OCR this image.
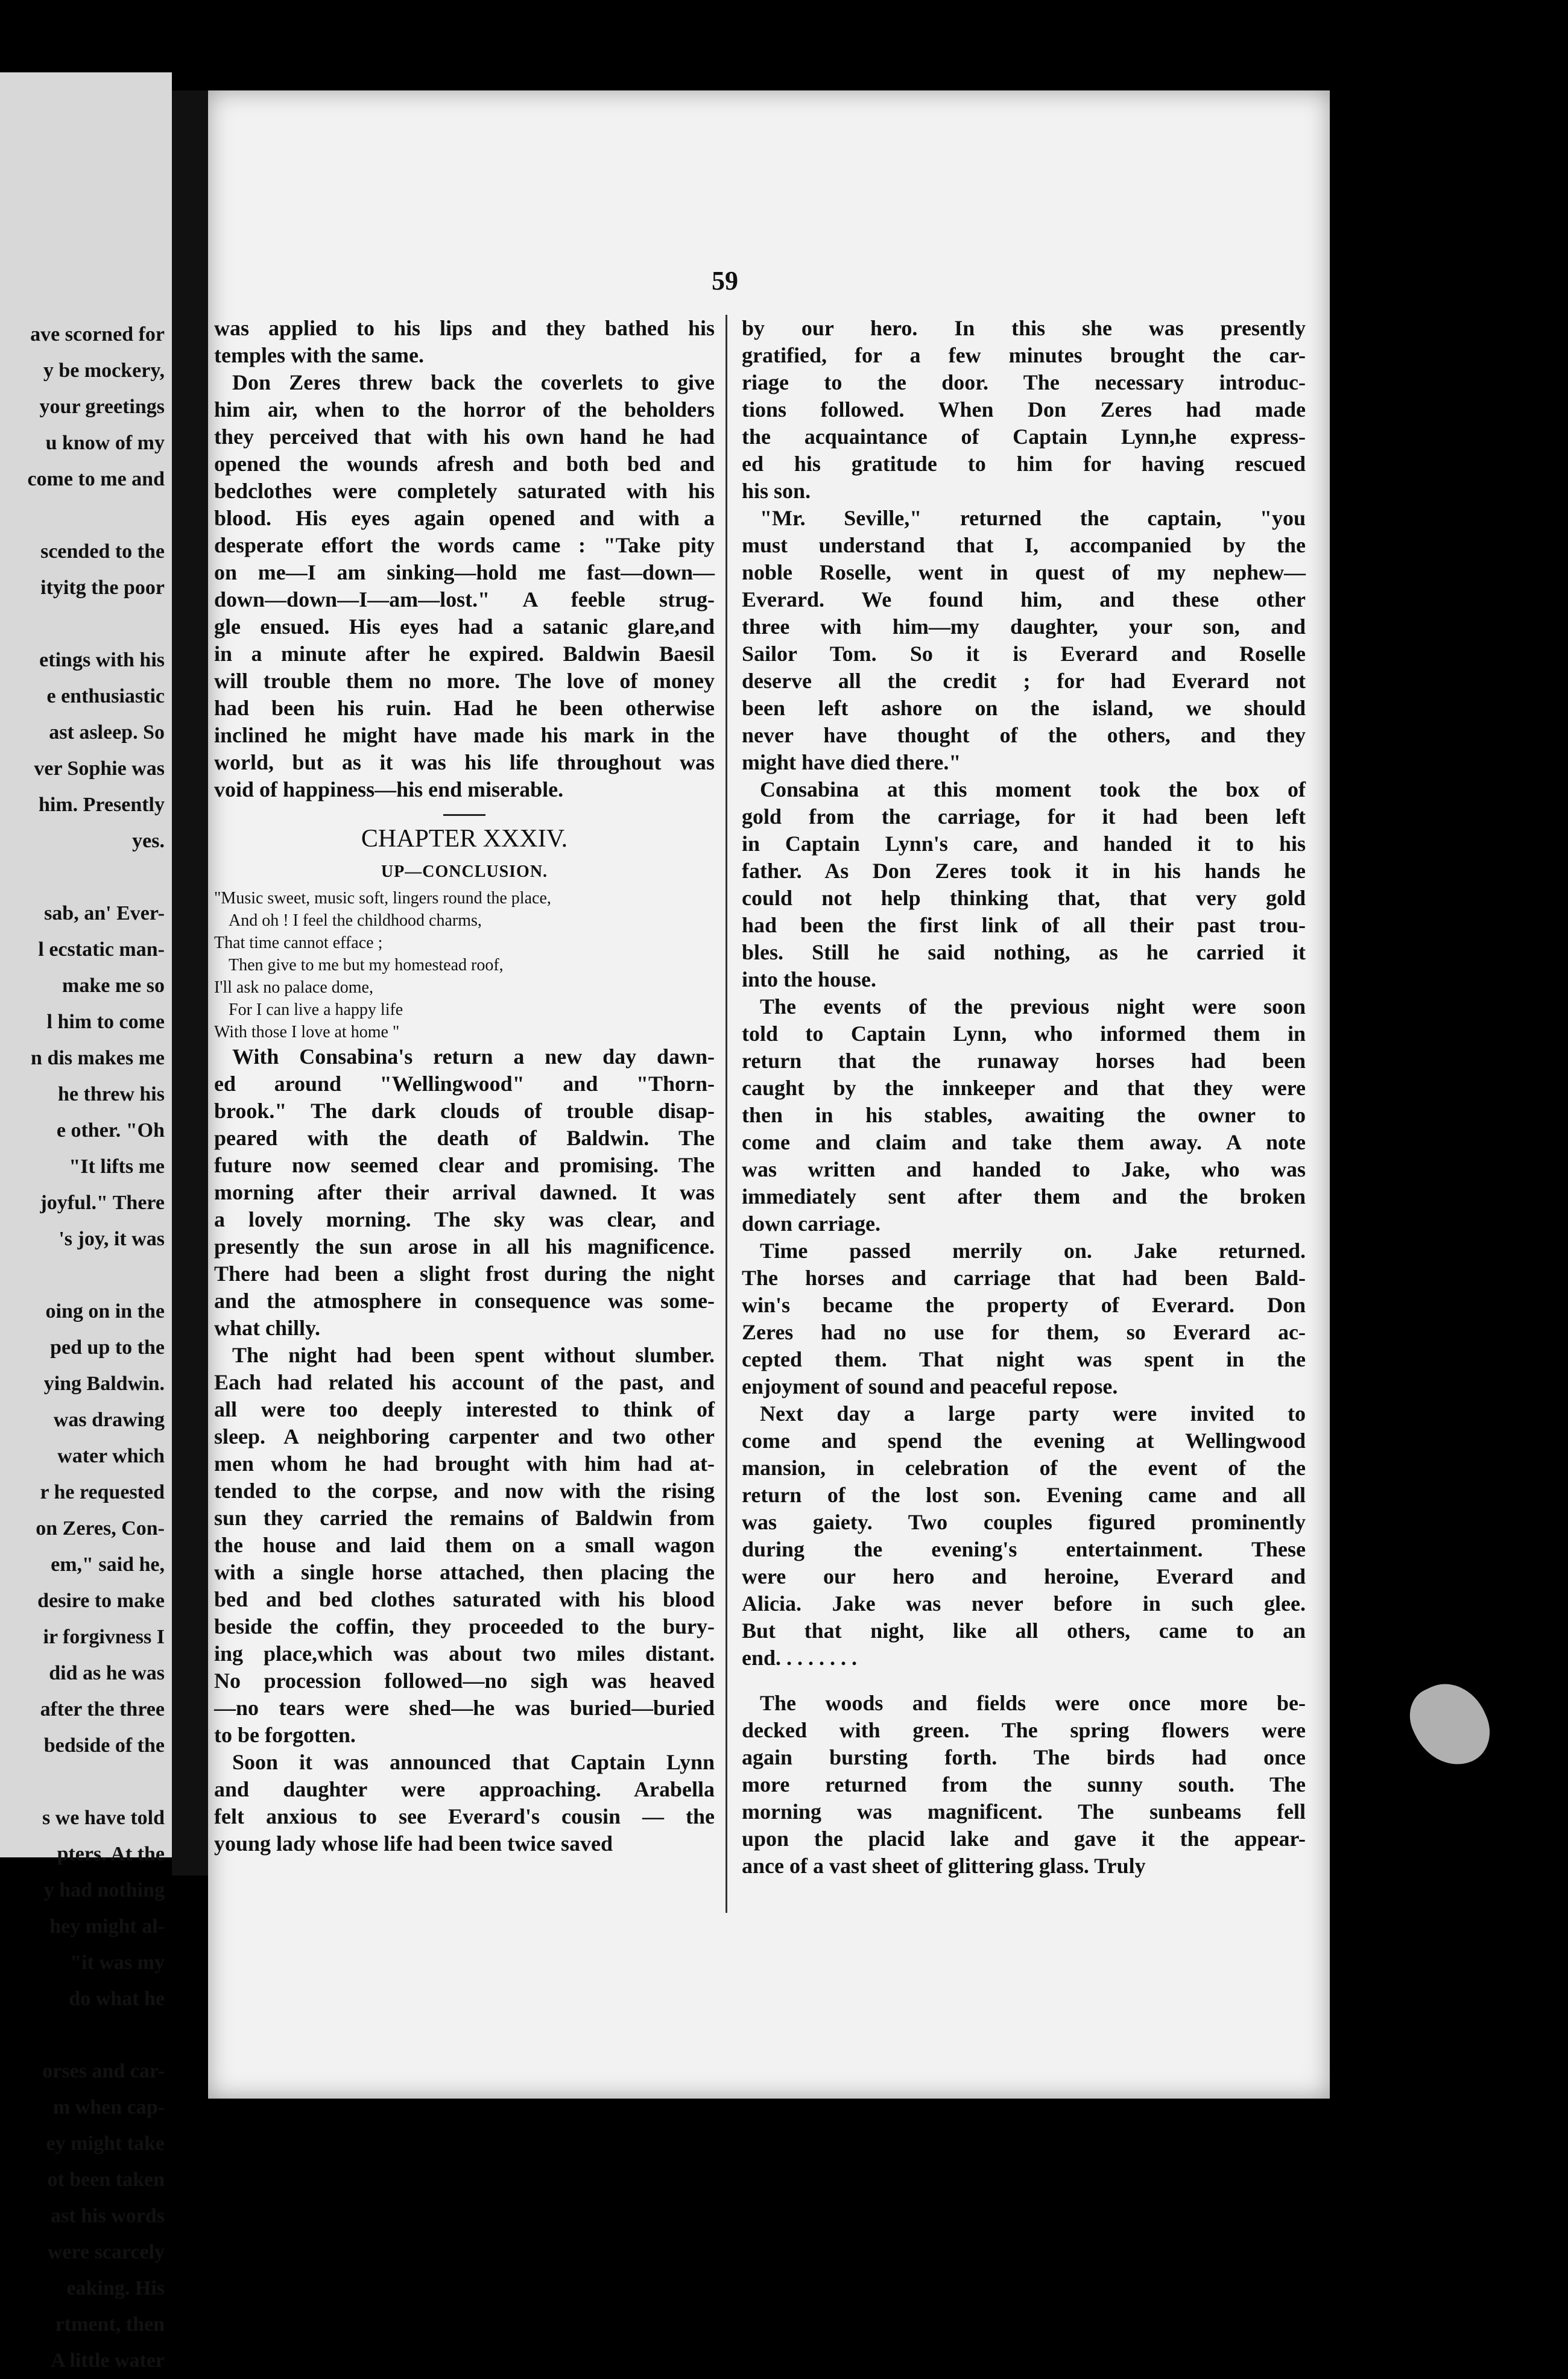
ave scorned for
y be mockery,
your greetings
u know of my
come to me and
scended to the
ityitg the poor
etings with his
e enthusiastic
ast asleep. So
ver Sophie was
him. Presently
yes.
sab, an' Ever-
l ecstatic man-
make me so
l him to come
n dis makes me
he threw his
e other. "Oh
"It lifts me
joyful." There
's joy, it was
oing on in the
ped up to the
ying Baldwin.
was drawing
water which
r he requested
on Zeres, Con-
em," said he,
desire to make
ir forgivness I
did as he was
after the three
bedside of the
s we have told
pters. At the
y had nothing
hey might al-
"it was my
do what he
orses and car-
m when cap-
ey might take
ot been taken
ast his words
were scarcely
eaking. His
rtment, then
A little water
59
was applied to his lips and they bathed his
temples with the same.
Don Zeres threw back the coverlets to give
him air, when to the horror of the beholders
they perceived that with his own hand he had
opened the wounds afresh and both bed and
bedclothes were completely saturated with his
blood. His eyes again opened and with a
desperate effort the words came : "Take pity
on me—I am sinking—hold me fast—down—
down—down—I—am—lost." A feeble strug-
gle ensued. His eyes had a satanic glare,and
in a minute after he expired. Baldwin Baesil
will trouble them no more. The love of money
had been his ruin. Had he been otherwise
inclined he might have made his mark in the
world, but as it was his life throughout was
void of happiness—his end miserable.
CHAPTER XXXIV.
UP—CONCLUSION.
"Music sweet, music soft, lingers round the place,
And oh ! I feel the childhood charms,
That time cannot efface ;
Then give to me but my homestead roof,
I'll ask no palace dome,
For I can live a happy life
With those I love at home "
With Consabina's return a new day dawn-
ed around "Wellingwood" and "Thorn-
brook." The dark clouds of trouble disap-
peared with the death of Baldwin. The
future now seemed clear and promising. The
morning after their arrival dawned. It was
a lovely morning. The sky was clear, and
presently the sun arose in all his magnificence.
There had been a slight frost during the night
and the atmosphere in consequence was some-
what chilly.
The night had been spent without slumber.
Each had related his account of the past, and
all were too deeply interested to think of
sleep. A neighboring carpenter and two other
men whom he had brought with him had at-
tended to the corpse, and now with the rising
sun they carried the remains of Baldwin from
the house and laid them on a small wagon
with a single horse attached, then placing the
bed and bed clothes saturated with his blood
beside the coffin, they proceeded to the bury-
ing place,which was about two miles distant.
No procession followed—no sigh was heaved
—no tears were shed—he was buried—buried
to be forgotten.
Soon it was announced that Captain Lynn
and daughter were approaching. Arabella
felt anxious to see Everard's cousin — the
young lady whose life had been twice saved
by our hero. In this she was presently
gratified, for a few minutes brought the car-
riage to the door. The necessary introduc-
tions followed. When Don Zeres had made
the acquaintance of Captain Lynn,he express-
ed his gratitude to him for having rescued
his son.
"Mr. Seville," returned the captain, "you
must understand that I, accompanied by the
noble Roselle, went in quest of my nephew—
Everard. We found him, and these other
three with him—my daughter, your son, and
Sailor Tom. So it is Everard and Roselle
deserve all the credit ; for had Everard not
been left ashore on the island, we should
never have thought of the others, and they
might have died there."
Consabina at this moment took the box of
gold from the carriage, for it had been left
in Captain Lynn's care, and handed it to his
father. As Don Zeres took it in his hands he
could not help thinking that, that very gold
had been the first link of all their past trou-
bles. Still he said nothing, as he carried it
into the house.
The events of the previous night were soon
told to Captain Lynn, who informed them in
return that the runaway horses had been
caught by the innkeeper and that they were
then in his stables, awaiting the owner to
come and claim and take them away. A note
was written and handed to Jake, who was
immediately sent after them and the broken
down carriage.
Time passed merrily on. Jake returned.
The horses and carriage that had been Bald-
win's became the property of Everard. Don
Zeres had no use for them, so Everard ac-
cepted them. That night was spent in the
enjoyment of sound and peaceful repose.
Next day a large party were invited to
come and spend the evening at Wellingwood
mansion, in celebration of the event of the
return of the lost son. Evening came and all
was gaiety. Two couples figured prominently
during the evening's entertainment. These
were our hero and heroine, Everard and
Alicia. Jake was never before in such glee.
But that night, like all others, came to an
end. . . . . . . .
The woods and fields were once more be-
decked with green. The spring flowers were
again bursting forth. The birds had once
more returned from the sunny south. The
morning was magnificent. The sunbeams fell
upon the placid lake and gave it the appear-
ance of a vast sheet of glittering glass. Truly
